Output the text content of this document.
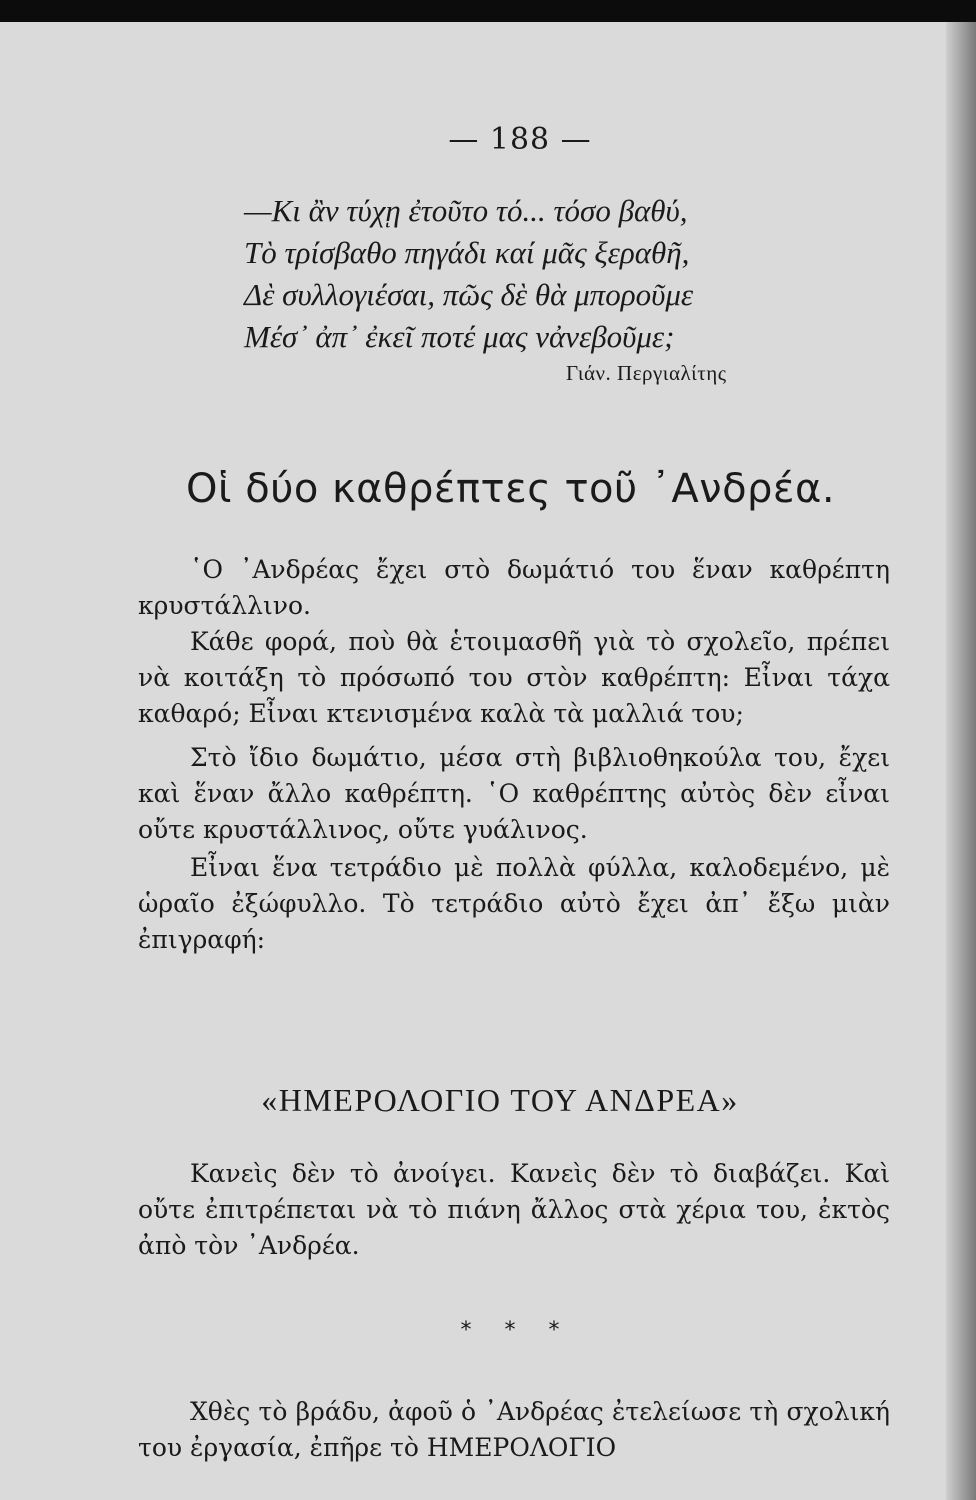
— 188 —
—Κι ἂν τύχῃ ἐτοῦτο τό... τόσο βαθύ,
Τὸ τρίσβαθο πηγάδι καί μᾶς ξεραθῆ,
Δὲ συλλογιέσαι, πῶς δὲ θὰ μποροῦμε
Μέσ᾽ ἀπ᾽ ἐκεῖ ποτέ μας νἀνεβοῦμε;
Γιάν. Περγιαλίτης
Οἱ δύο καθρέπτες τοῦ ᾿Ανδρέα.

῾Ο ᾿Ανδρέας ἔχει στὸ δωμάτιό του ἕναν καθρέπτη κρυστάλλινο.

Κάθε φορά, ποὺ θὰ ἑτοιμασθῆ γιὰ τὸ σχολεῖο, πρέπει νὰ κοιτάξη τὸ πρόσωπό του στὸν καθρέπτη: Εἶναι τάχα καθαρό; Εἶναι κτενισμένα καλὰ τὰ μαλλιά του;

Στὸ ἴδιο δωμάτιο, μέσα στὴ βιβλιοθηκούλα του, ἔχει καὶ ἕναν ἄλλο καθρέπτη. ῾Ο καθρέπτης αὐτὸς δὲν εἶναι οὔτε κρυστάλλινος, οὔτε γυάλινος.

Εἶναι ἕνα τετράδιο μὲ πολλὰ φύλλα, καλοδεμένο, μὲ ὡραῖο ἐξώφυλλο. Τὸ τετράδιο αὐτὸ ἔχει ἀπ᾽ ἔξω μιὰν ἐπιγραφή:

«ΗΜΕΡΟΛΟΓΙΟ ΤΟΥ ΑΝΔΡΕΑ»

Κανεὶς δὲν τὸ ἀνοίγει. Κανεὶς δὲν τὸ διαβάζει. Καὶ οὔτε ἐπιτρέπεται νὰ τὸ πιάνη ἄλλος στὰ χέρια του, ἐκτὸς ἀπὸ τὸν ᾿Ανδρέα.

* * *

Χθὲς τὸ βράδυ, ἀφοῦ ὁ ᾿Ανδρέας ἐτελείωσε τὴ σχολική του ἐργασία, ἐπῆρε τὸ ΗΜΕΡΟΛΟΓΙΟ
